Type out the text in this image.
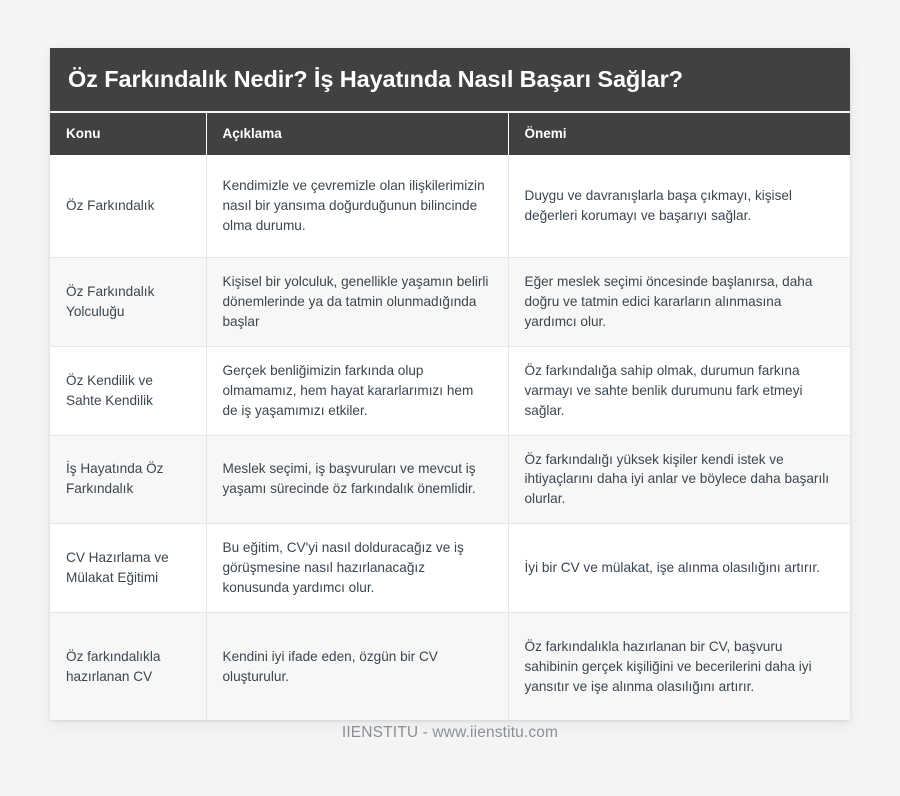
Öz Farkındalık Nedir? İş Hayatında Nasıl Başarı Sağlar?
Konu	Açıklama	Önemi
Öz Farkındalık	Kendimizle ve çevremizle olan ilişkilerimizin nasıl bir yansıma doğurduğunun bilincinde olma durumu.	Duygu ve davranışlarla başa çıkmayı, kişisel değerleri korumayı ve başarıyı sağlar.
Öz Farkındalık Yolculuğu	Kişisel bir yolculuk, genellikle yaşamın belirli dönemlerinde ya da tatmin olunmadığında başlar	Eğer meslek seçimi öncesinde başlanırsa, daha doğru ve tatmin edici kararların alınmasına yardımcı olur.
Öz Kendilik ve Sahte Kendilik	Gerçek benliğimizin farkında olup olmamamız, hem hayat kararlarımızı hem de iş yaşamımızı etkiler.	Öz farkındalığa sahip olmak, durumun farkına varmayı ve sahte benlik durumunu fark etmeyi sağlar.
İş Hayatında Öz Farkındalık	Meslek seçimi, iş başvuruları ve mevcut iş yaşamı sürecinde öz farkındalık önemlidir.	Öz farkındalığı yüksek kişiler kendi istek ve ihtiyaçlarını daha iyi anlar ve böylece daha başarılı olurlar.
CV Hazırlama ve Mülakat Eğitimi	Bu eğitim, CV'yi nasıl dolduracağız ve iş görüşmesine nasıl hazırlanacağız konusunda yardımcı olur.	İyi bir CV ve mülakat, işe alınma olasılığını artırır.
Öz farkındalıkla hazırlanan CV	Kendini iyi ifade eden, özgün bir CV oluşturulur.	Öz farkındalıkla hazırlanan bir CV, başvuru sahibinin gerçek kişiliğini ve becerilerini daha iyi yansıtır ve işe alınma olasılığını artırır.
IIENSTITU - www.iienstitu.com
